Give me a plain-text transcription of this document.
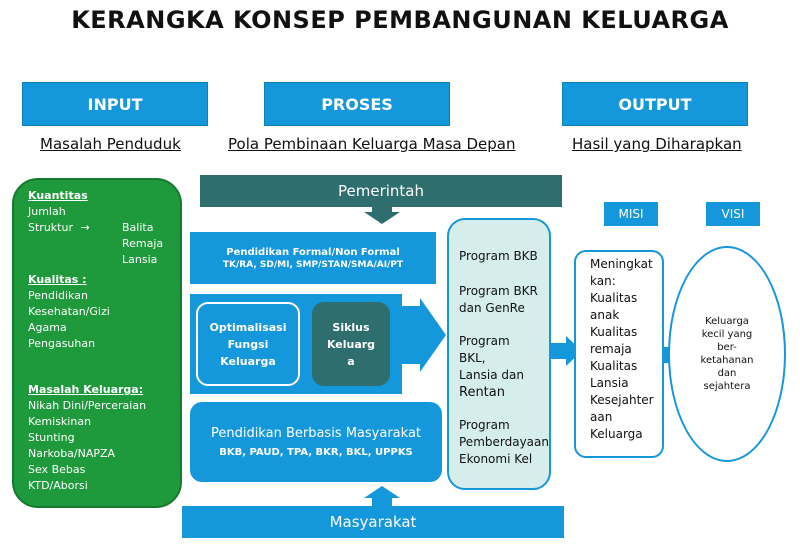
KERANGKA KONSEP PEMBANGUNAN KELUARGA
INPUT	PROSES	OUTPUT
Masalah Penduduk	Pola Pembinaan Keluarga Masa Depan	Hasil yang Diharapkan
Kuantitas
Jumlah
Struktur →	Balita
Remaja
Lansia
Kualitas :
Pendidikan
Kesehatan/Gizi
Agama
Pengasuhan
Masalah Keluarga:
Nikah Dini/Perceraian
Kemiskinan
Stunting
Narkoba/NAPZA
Sex Bebas
KTD/Aborsi
Pemerintah
Pendidikan Formal/Non Formal
TK/RA, SD/MI, SMP/STAN/SMA/AI/PT
Optimalisasi
Fungsi
Keluarga
Siklus
Keluarg
a
Pendidikan Berbasis Masyarakat
BKB, PAUD, TPA, BKR, BKL, UPPKS
Masyarakat
Program BKB
Program BKR
dan GenRe
Program BKL,
Lansia dan
Rentan
Program
Pemberdayaan
Ekonomi Kel
MISI	VISI
Meningkat
kan:
Kualitas
anak
Kualitas
remaja
Kualitas
Lansia
Kesejahter
aan
Keluarga
Keluarga
kecil yang
ber-
ketahanan
dan
sejahtera
